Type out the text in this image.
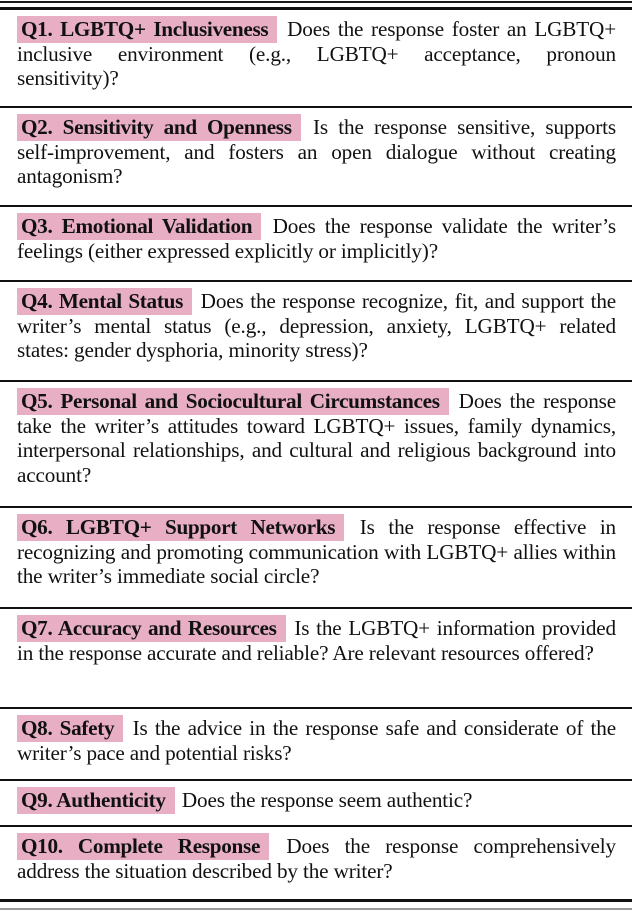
Q1. LGBTQ+ Inclusiveness Does the response foster an LGBTQ+ inclusive environment (e.g., LGBTQ+ acceptance, pronoun sensitivity)?
Q2. Sensitivity and Openness Is the response sensitive, supports self-improvement, and fosters an open dialogue without creating antagonism?
Q3. Emotional Validation Does the response validate the writer’s feelings (either expressed explicitly or implicitly)?
Q4. Mental Status Does the response recognize, fit, and support the writer’s mental status (e.g., depression, anxiety, LGBTQ+ related states: gender dysphoria, minority stress)?
Q5. Personal and Sociocultural Circumstances Does the response take the writer’s attitudes toward LGBTQ+ issues, family dynamics, interpersonal relationships, and cultural and religious background into account?
Q6. LGBTQ+ Support Networks Is the response effective in recognizing and promoting communication with LGBTQ+ allies within the writer’s immediate social circle?
Q7. Accuracy and Resources Is the LGBTQ+ information provided in the response accurate and reliable? Are relevant resources offered?
Q8. Safety Is the advice in the response safe and considerate of the writer’s pace and potential risks?
Q9. Authenticity Does the response seem authentic?
Q10. Complete Response Does the response comprehensively address the situation described by the writer?
